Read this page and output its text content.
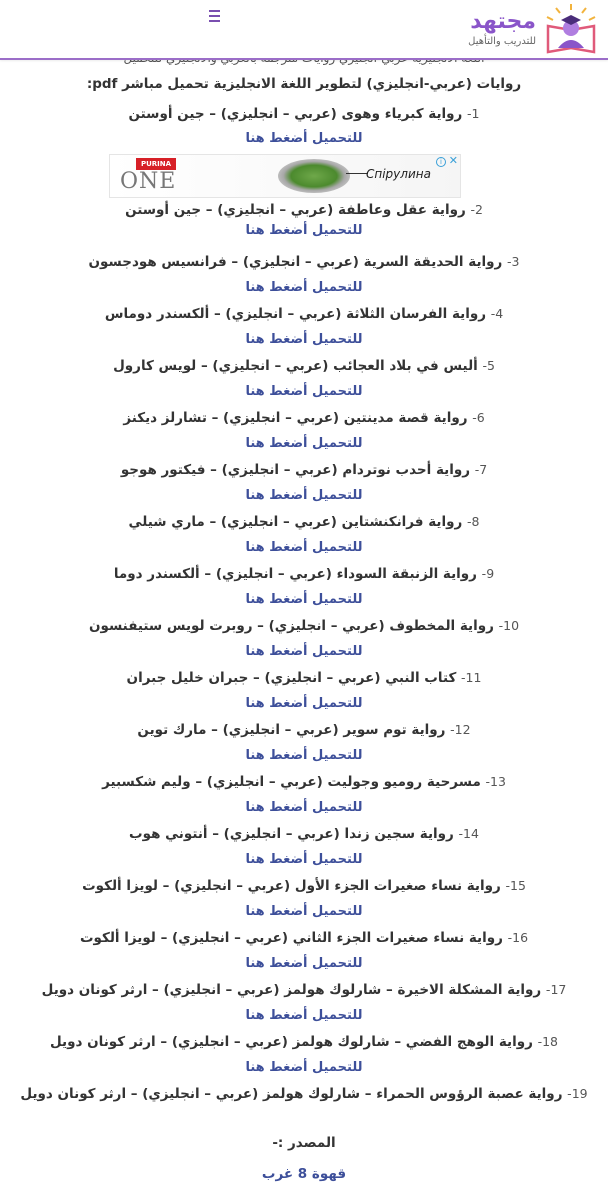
مجتهد
للتدريب والتأهيل
روايات (عربي-انجليزي) لتطوير اللغة الانجليزية تحميل مباشر pdf:
1- رواية كبرياء وهوى (عربي – انجليزي) – جين أوستن
للتحميل أضغط هنا
PURINA
ONE	Спірулина
i ✕
2- رواية عقل وعاطفة (عربي – انجليزي) – جين أوستن
للتحميل أضغط هنا
3- رواية الحديقة السرية (عربي – انجليزي) – فرانسيس هودجسون
للتحميل أضغط هنا
4- رواية الفرسان الثلاثة (عربي – انجليزي) – ألكسندر دوماس
للتحميل أضغط هنا
5- أليس في بلاد العجائب (عربي – انجليزي) – لويس كارول
للتحميل أضغط هنا
6- رواية قصة مدينتين (عربي – انجليزي) – تشارلز ديكنز
للتحميل أضغط هنا
7- رواية أحدب نوتردام (عربي – انجليزي) – فيكتور هوجو
للتحميل أضغط هنا
8- رواية فرانكنشتاين (عربي – انجليزي) – ماري شيلي
للتحميل أضغط هنا
9- رواية الزنبقة السوداء (عربي – انجليزي) – ألكسندر دوما
للتحميل أضغط هنا
10- رواية المخطوف (عربي – انجليزي) – روبرت لويس ستيفنسون
للتحميل أضغط هنا
11- كتاب النبي (عربي – انجليزي) – جبران خليل جبران
للتحميل أضغط هنا
12- رواية توم سوير (عربي – انجليزي) – مارك توين
للتحميل أضغط هنا
13- مسرحية روميو وجوليت (عربي – انجليزي) – وليم شكسبير
للتحميل أضغط هنا
14- رواية سجين زندا (عربي – انجليزي) – أنتوني هوب
للتحميل أضغط هنا
15- رواية نساء صغيرات الجزء الأول (عربي – انجليزي) – لويزا ألكوت
للتحميل أضغط هنا
16- رواية نساء صغيرات الجزء الثاني (عربي – انجليزي) – لويزا ألكوت
للتحميل أضغط هنا
17- رواية المشكلة الاخيرة – شارلوك هولمز (عربي – انجليزي) – ارثر كونان دويل
للتحميل أضغط هنا
18- رواية الوهج الفضي – شارلوك هولمز (عربي – انجليزي) – ارثر كونان دويل
للتحميل أضغط هنا
19- رواية عصبة الرؤوس الحمراء – شارلوك هولمز (عربي – انجليزي) – ارثر كونان دويل
المصدر :-
قهوة 8 غرب
